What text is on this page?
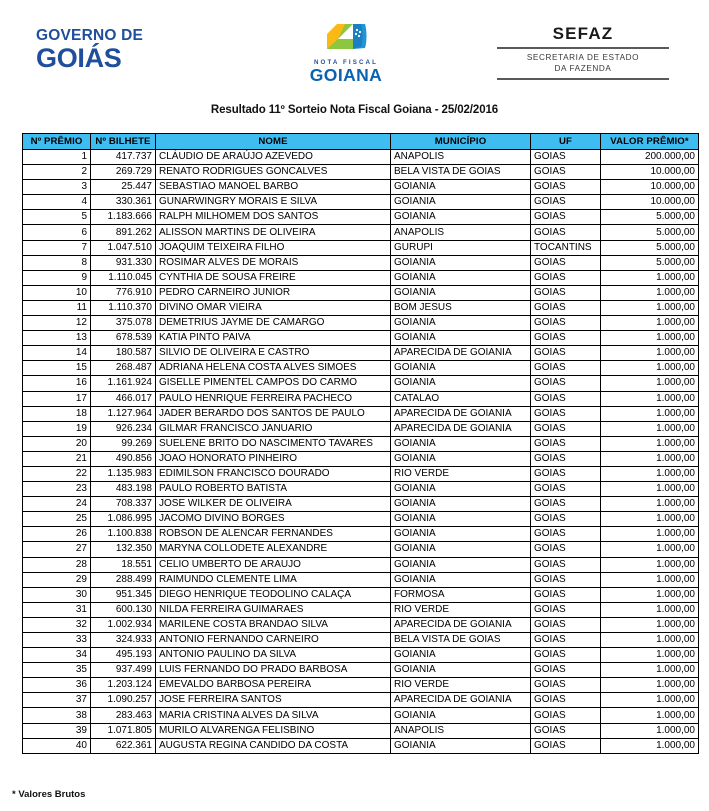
GOVERNO DE
GOIÁS	NOTA FISCAL
GOIANA
SEFAZ
SECRETARIA DE ESTADO
DA FAZENDA
Resultado 11º Sorteio Nota Fiscal Goiana - 25/02/2016
Nº PRÊMIO	Nº BILHETE	NOME	MUNICÍPIO	UF	VALOR PRÊMIO*
1	417.737	CLÁUDIO DE ARAÚJO AZEVEDO	ANAPOLIS	GOIAS	200.000,00
2	269.729	RENATO RODRIGUES GONCALVES	BELA VISTA DE GOIAS	GOIAS	10.000,00
3	25.447	SEBASTIAO MANOEL BARBO	GOIANIA	GOIAS	10.000,00
4	330.361	GUNARWINGRY MORAIS E SILVA	GOIANIA	GOIAS	10.000,00
5	1.183.666	RALPH MILHOMEM DOS SANTOS	GOIANIA	GOIAS	5.000,00
6	891.262	ALISSON MARTINS DE OLIVEIRA	ANAPOLIS	GOIAS	5.000,00
7	1.047.510	JOAQUIM TEIXEIRA FILHO	GURUPI	TOCANTINS	5.000,00
8	931.330	ROSIMAR ALVES DE MORAIS	GOIANIA	GOIAS	5.000,00
9	1.110.045	CYNTHIA DE SOUSA FREIRE	GOIANIA	GOIAS	1.000,00
10	776.910	PEDRO CARNEIRO JUNIOR	GOIANIA	GOIAS	1.000,00
11	1.110.370	DIVINO OMAR VIEIRA	BOM JESUS	GOIAS	1.000,00
12	375.078	DEMETRIUS JAYME DE CAMARGO	GOIANIA	GOIAS	1.000,00
13	678.539	KATIA PINTO PAIVA	GOIANIA	GOIAS	1.000,00
14	180.587	SILVIO DE OLIVEIRA E CASTRO	APARECIDA DE GOIANIA	GOIAS	1.000,00
15	268.487	ADRIANA HELENA COSTA ALVES SIMOES	GOIANIA	GOIAS	1.000,00
16	1.161.924	GISELLE PIMENTEL CAMPOS DO CARMO	GOIANIA	GOIAS	1.000,00
17	466.017	PAULO HENRIQUE FERREIRA PACHECO	CATALAO	GOIAS	1.000,00
18	1.127.964	JADER BERARDO DOS SANTOS DE PAULO	APARECIDA DE GOIANIA	GOIAS	1.000,00
19	926.234	GILMAR FRANCISCO JANUARIO	APARECIDA DE GOIANIA	GOIAS	1.000,00
20	99.269	SUELENE BRITO DO NASCIMENTO TAVARES	GOIANIA	GOIAS	1.000,00
21	490.856	JOAO HONORATO PINHEIRO	GOIANIA	GOIAS	1.000,00
22	1.135.983	EDIMILSON FRANCISCO DOURADO	RIO VERDE	GOIAS	1.000,00
23	483.198	PAULO ROBERTO BATISTA	GOIANIA	GOIAS	1.000,00
24	708.337	JOSE WILKER DE OLIVEIRA	GOIANIA	GOIAS	1.000,00
25	1.086.995	JACOMO DIVINO BORGES	GOIANIA	GOIAS	1.000,00
26	1.100.838	ROBSON DE ALENCAR FERNANDES	GOIANIA	GOIAS	1.000,00
27	132.350	MARYNA COLLODETE ALEXANDRE	GOIANIA	GOIAS	1.000,00
28	18.551	CELIO UMBERTO DE ARAUJO	GOIANIA	GOIAS	1.000,00
29	288.499	RAIMUNDO CLEMENTE LIMA	GOIANIA	GOIAS	1.000,00
30	951.345	DIEGO HENRIQUE TEODOLINO CALAÇA	FORMOSA	GOIAS	1.000,00
31	600.130	NILDA FERREIRA GUIMARAES	RIO VERDE	GOIAS	1.000,00
32	1.002.934	MARILENE COSTA BRANDAO SILVA	APARECIDA DE GOIANIA	GOIAS	1.000,00
33	324.933	ANTONIO FERNANDO CARNEIRO	BELA VISTA DE GOIAS	GOIAS	1.000,00
34	495.193	ANTONIO PAULINO DA SILVA	GOIANIA	GOIAS	1.000,00
35	937.499	LUIS FERNANDO DO PRADO BARBOSA	GOIANIA	GOIAS	1.000,00
36	1.203.124	EMEVALDO BARBOSA PEREIRA	RIO VERDE	GOIAS	1.000,00
37	1.090.257	JOSE FERREIRA SANTOS	APARECIDA DE GOIANIA	GOIAS	1.000,00
38	283.463	MARIA CRISTINA ALVES DA SILVA	GOIANIA	GOIAS	1.000,00
39	1.071.805	MURILO ALVARENGA FELISBINO	ANAPOLIS	GOIAS	1.000,00
40	622.361	AUGUSTA REGINA CANDIDO DA COSTA	GOIANIA	GOIAS	1.000,00
* Valores Brutos
